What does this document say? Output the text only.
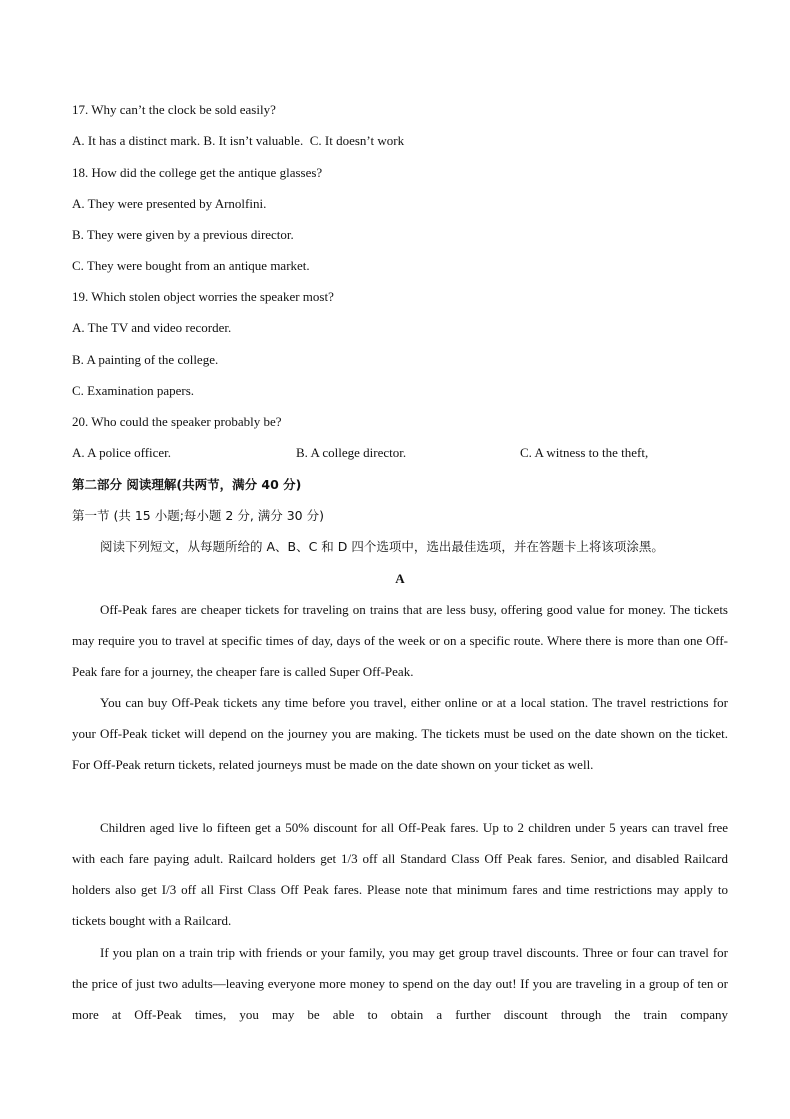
17. Why can’t the clock be sold easily?
A. It has a distinct mark. B. It isn’t valuable. C. It doesn’t work
18. How did the college get the antique glasses?
A. They were presented by Arnolfini.
B. They were given by a previous director.
C. They were bought from an antique market.
19. Which stolen object worries the speaker most?
A. The TV and video recorder.
B. A painting of the college.
C. Examination papers.
20. Who could the speaker probably be?
A. A police officer.	B. A college director.	C. A witness to the theft,
第二部分 阅读理解(共两节，满分 40 分)
第一节 (共 15 小题;每小题 2 分, 满分 30 分)
阅读下列短文，从每题所给的 A、B、C 和 D 四个选项中，选出最佳选项，并在答题卡上将该项涂黑。
A

Off-Peak fares are cheaper tickets for traveling on trains that are less busy, offering good value for money. The tickets may require you to travel at specific times of day, days of the week or on a specific route. Where there is more than one Off-Peak fare for a journey, the cheaper fare is called Super Off-Peak.

You can buy Off-Peak tickets any time before you travel, either online or at a local station. The travel restrictions for your Off-Peak ticket will depend on the journey you are making. The tickets must be used on the date shown on the ticket. For Off-Peak return tickets, related journeys must be made on the date shown on your ticket as well.

Children aged live lo fifteen get a 50% discount for all Off-Peak fares. Up to 2 children under 5 years can travel free with each fare paying adult. Railcard holders get 1/3 off all Standard Class Off Peak fares. Senior, and disabled Railcard holders also get I/3 off all First Class Off Peak fares. Please note that minimum fares and time restrictions may apply to tickets bought with a Railcard.

If you plan on a train trip with friends or your family, you may get group travel discounts. Three or four can travel for the price of just two adults—leaving everyone more money to spend on the day out! If you are traveling in a group of ten or more at Off-Peak times, you may be able to obtain a further discount through the train company
